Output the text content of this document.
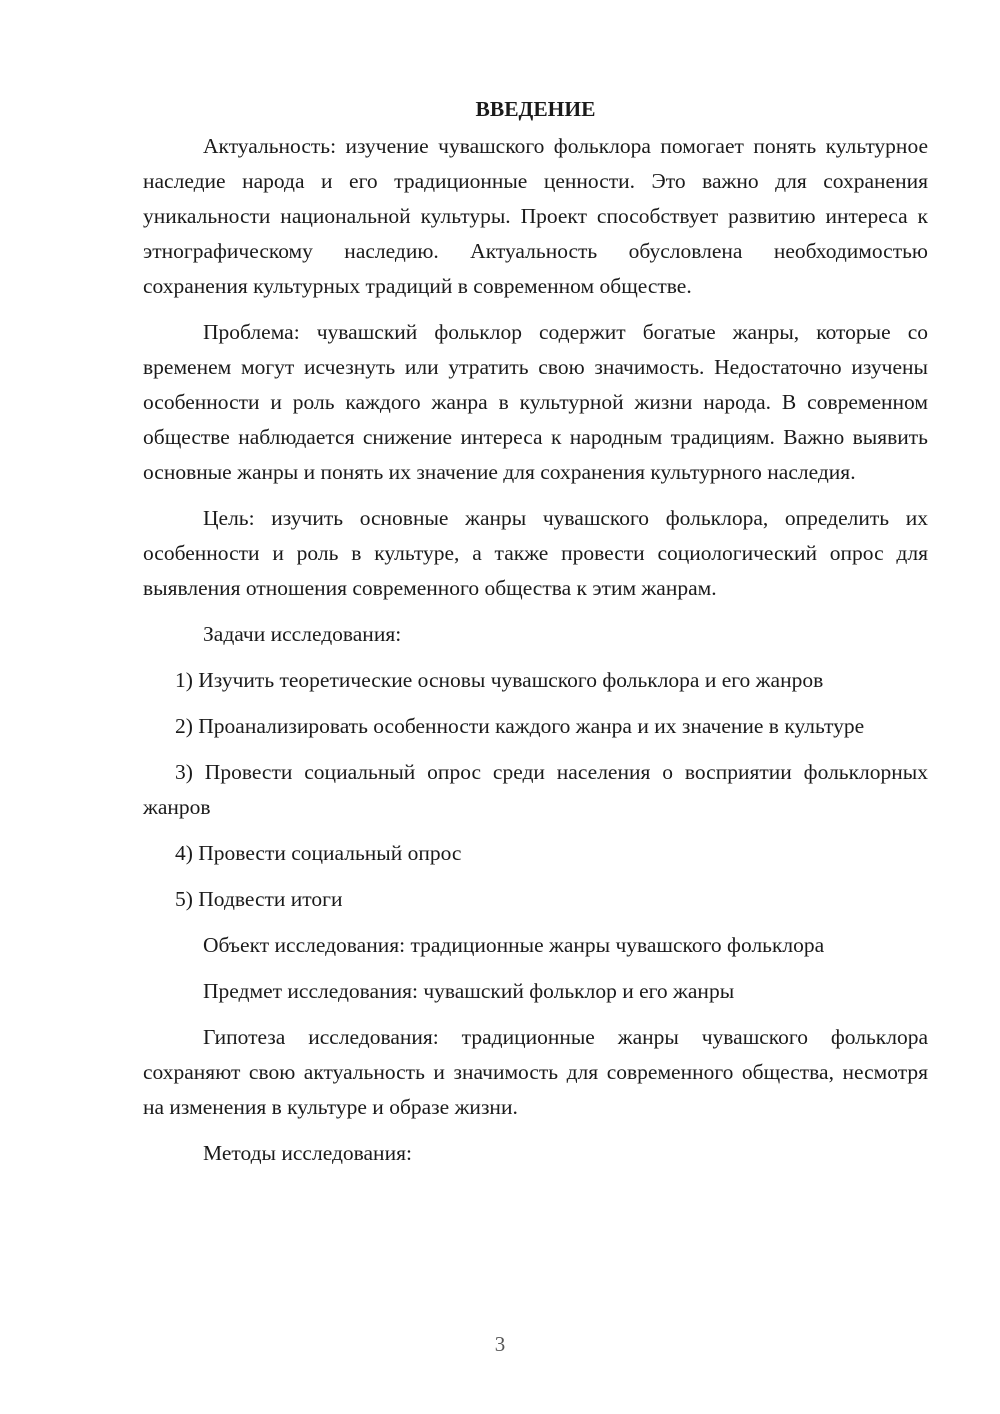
ВВЕДЕНИЕ

Актуальность: изучение чувашского фольклора помогает понять культурное наследие народа и его традиционные ценности. Это важно для сохранения уникальности национальной культуры. Проект способствует развитию интереса к этнографическому наследию. Актуальность обусловлена необходимостью сохранения культурных традиций в современном обществе.

Проблема: чувашский фольклор содержит богатые жанры, которые со временем могут исчезнуть или утратить свою значимость. Недостаточно изучены особенности и роль каждого жанра в культурной жизни народа. В современном обществе наблюдается снижение интереса к народным традициям. Важно выявить основные жанры и понять их значение для сохранения культурного наследия.

Цель: изучить основные жанры чувашского фольклора, определить их особенности и роль в культуре, а также провести социологический опрос для выявления отношения современного общества к этим жанрам.

Задачи исследования:

1) Изучить теоретические основы чувашского фольклора и его жанров

2) Проанализировать особенности каждого жанра и их значение в культуре

3) Провести социальный опрос среди населения о восприятии фольклорных жанров

4) Провести социальный опрос

5) Подвести итоги

Объект исследования: традиционные жанры чувашского фольклора

Предмет исследования: чувашский фольклор и его жанры

Гипотеза исследования: традиционные жанры чувашского фольклора сохраняют свою актуальность и значимость для современного общества, несмотря на изменения в культуре и образе жизни.

Методы исследования:

3
